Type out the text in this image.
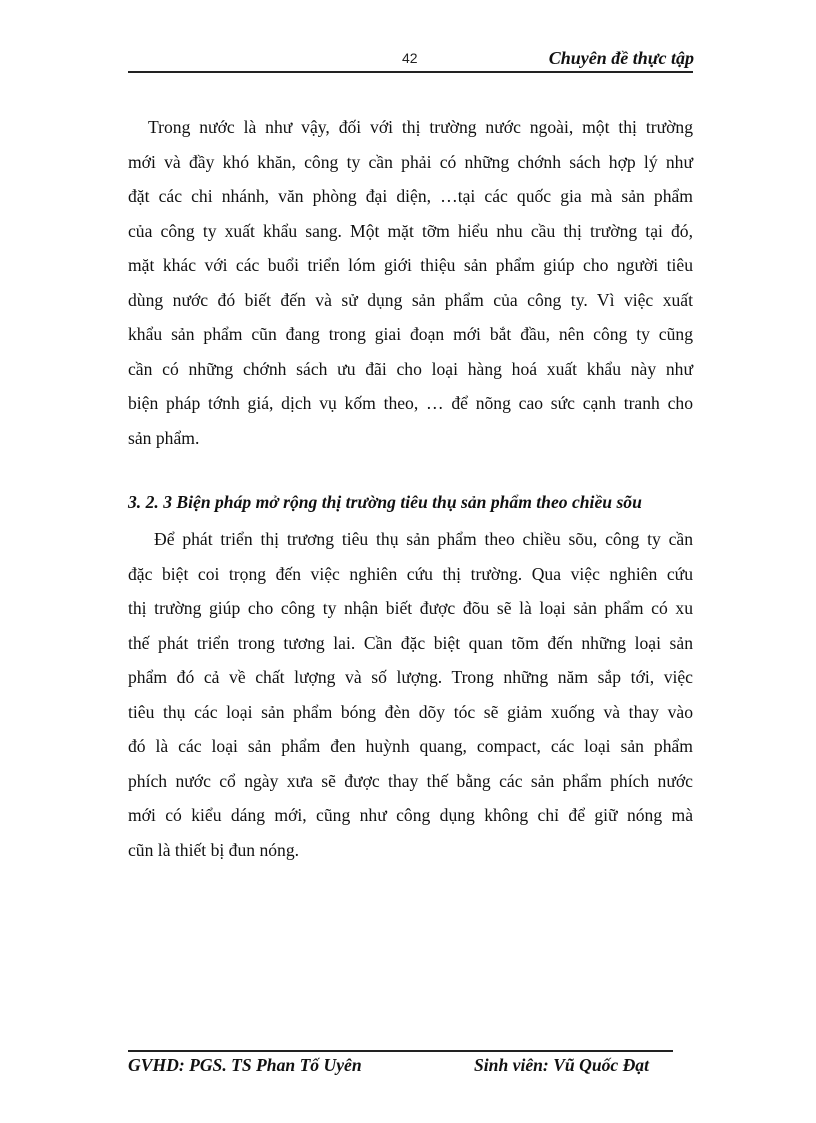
42	Chuyên đề thực tập
Trong nước là như vậy, đối với thị trường nước ngoài, một thị trường
mới và đầy khó khăn, công ty cần phải có những chớnh sách hợp lý như
đặt các chi nhánh, văn phòng đại diện, …tại các quốc gia mà sản phẩm
của công ty xuất khẩu sang. Một mặt tỡm hiểu nhu cầu thị trường tại đó,
mặt khác với các buổi triển lóm giới thiệu sản phẩm giúp cho người tiêu
dùng nước đó biết đến và sử dụng sản phẩm của công ty. Vì việc xuất
khẩu sản phẩm cũn đang trong giai đoạn mới bắt đầu, nên công ty cũng
cần có những chớnh sách ưu đãi cho loại hàng hoá xuất khẩu này như
biện pháp tớnh giá, dịch vụ kốm theo, … để nõng cao sức cạnh tranh cho
sản phẩm.
3. 2. 3 Biện pháp mở rộng thị trường tiêu thụ sản phẩm theo chiều sõu
Để phát triển thị trương tiêu thụ sản phẩm theo chiều sõu, công ty cần
đặc biệt coi trọng đến việc nghiên cứu thị trường. Qua việc nghiên cứu
thị trường giúp cho công ty nhận biết được đõu sẽ là loại sản phẩm có xu
thế phát triển trong tương lai. Cần đặc biệt quan tõm đến những loại sản
phẩm đó cả về chất lượng và số lượng. Trong những năm sắp tới, việc
tiêu thụ các loại sản phẩm bóng đèn dõy tóc sẽ giảm xuống và thay vào
đó là các loại sản phẩm đen huỳnh quang, compact, các loại sản phẩm
phích nước cổ ngày xưa sẽ được thay thế bằng các sản phẩm phích nước
mới có kiểu dáng mới, cũng như công dụng không chỉ để giữ nóng mà
cũn là thiết bị đun nóng.
GVHD: PGS. TS Phan Tố Uyên	Sinh viên: Vũ Quốc Đạt
